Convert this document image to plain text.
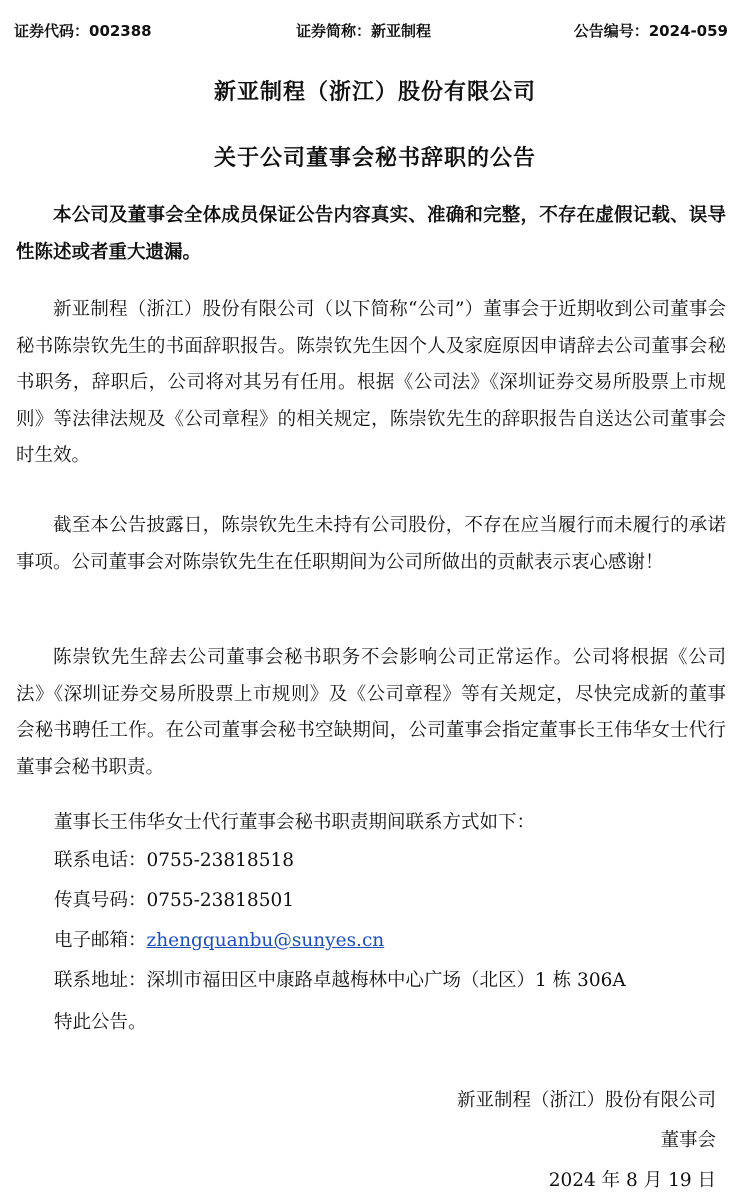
证券代码：002388	证券简称：新亚制程	公告编号：2024-059
新亚制程（浙江）股份有限公司
关于公司董事会秘书辞职的公告

本公司及董事会全体成员保证公告内容真实、准确和完整，不存在虚假记载、误导性陈述或者重大遗漏。

新亚制程（浙江）股份有限公司（以下简称“公司”）董事会于近期收到公司董事会秘书陈崇钦先生的书面辞职报告。陈崇钦先生因个人及家庭原因申请辞去公司董事会秘书职务，辞职后，公司将对其另有任用。根据《公司法》《深圳证券交易所股票上市规则》等法律法规及《公司章程》的相关规定，陈崇钦先生的辞职报告自送达公司董事会时生效。

截至本公告披露日，陈崇钦先生未持有公司股份，不存在应当履行而未履行的承诺事项。公司董事会对陈崇钦先生在任职期间为公司所做出的贡献表示衷心感谢！

陈崇钦先生辞去公司董事会秘书职务不会影响公司正常运作。公司将根据《公司法》《深圳证券交易所股票上市规则》及《公司章程》等有关规定，尽快完成新的董事会秘书聘任工作。在公司董事会秘书空缺期间，公司董事会指定董事长王伟华女士代行董事会秘书职责。

董事长王伟华女士代行董事会秘书职责期间联系方式如下：
联系电话：0755-23818518
传真号码：0755-23818501
电子邮箱：zhengquanbu@sunyes.cn
联系地址：深圳市福田区中康路卓越梅林中心广场（北区）1 栋 306A
特此公告。
新亚制程（浙江）股份有限公司
董事会
2024 年 8 月 19 日
